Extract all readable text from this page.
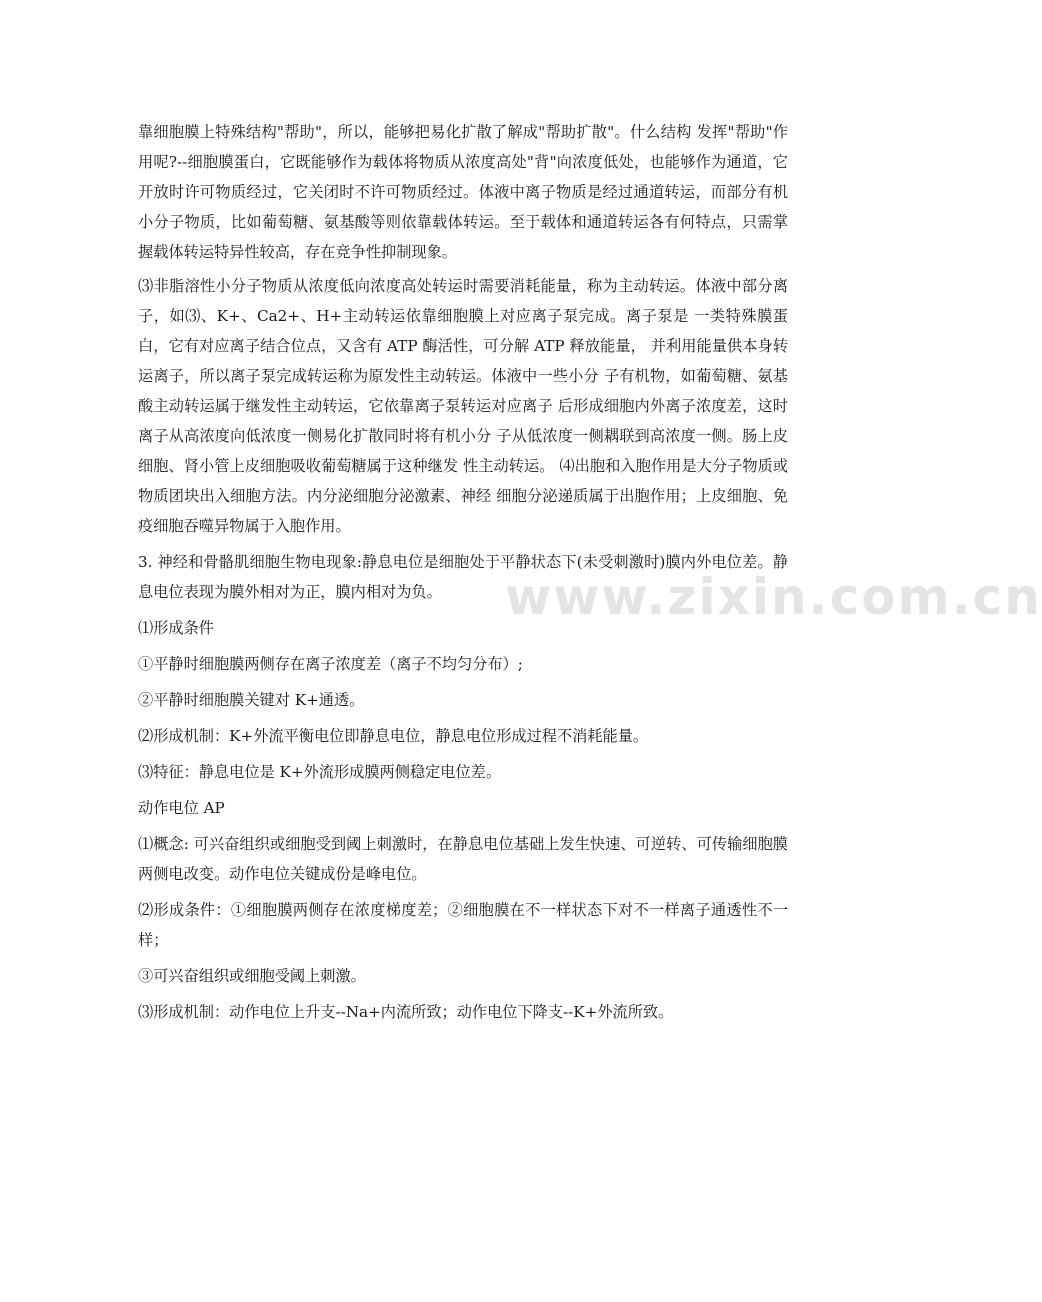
www.zixin.com.cn

靠细胞膜上特殊结构"帮助"，所以，能够把易化扩散了解成"帮助扩散"。什么结构 发挥"帮助"作用呢?--细胞膜蛋白，它既能够作为载体将物质从浓度高处"背"向浓度低处，也能够作为通道，它开放时许可物质经过，它关闭时不许可物质经过。体液中离子物质是经过通道转运，而部分有机小分子物质，比如葡萄糖、氨基酸等则依靠载体转运。至于载体和通道转运各有何特点，只需掌握载体转运特异性较高，存在竞争性抑制现象。

⑶非脂溶性小分子物质从浓度低向浓度高处转运时需要消耗能量，称为主动转运。体液中部分离子，如⑶、K+、Ca2+、H+主动转运依靠细胞膜上对应离子泵完成。离子泵是 一类特殊膜蛋白，它有对应离子结合位点，又含有 ATP 酶活性，可分解 ATP 释放能量， 并利用能量供本身转运离子，所以离子泵完成转运称为原发性主动转运。体液中一些小分 子有机物，如葡萄糖、氨基酸主动转运属于继发性主动转运，它依靠离子泵转运对应离子 后形成细胞内外离子浓度差，这时离子从高浓度向低浓度一侧易化扩散同时将有机小分 子从低浓度一侧耦联到高浓度一侧。肠上皮细胞、肾小管上皮细胞吸收葡萄糖属于这种继发 性主动转运。 ⑷出胞和入胞作用是大分子物质或物质团块出入细胞方法。内分泌细胞分泌激素、神经 细胞分泌递质属于出胞作用；上皮细胞、免疫细胞吞噬异物属于入胞作用。

3. 神经和骨骼肌细胞生物电现象:静息电位是细胞处于平静状态下(未受刺激时)膜内外电位差。静息电位表现为膜外相对为正，膜内相对为负。

⑴形成条件

①平静时细胞膜两侧存在离子浓度差（离子不均匀分布）;

②平静时细胞膜关键对 K+通透。

⑵形成机制：K+外流平衡电位即静息电位，静息电位形成过程不消耗能量。

⑶特征：静息电位是 K+外流形成膜两侧稳定电位差。

动作电位 AP

⑴概念: 可兴奋组织或细胞受到阈上刺激时，在静息电位基础上发生快速、可逆转、可传输细胞膜两侧电改变。动作电位关键成份是峰电位。

⑵形成条件：①细胞膜两侧存在浓度梯度差；②细胞膜在不一样状态下对不一样离子通透性不一样；

③可兴奋组织或细胞受阈上刺激。

⑶形成机制：动作电位上升支--Na+内流所致；动作电位下降支--K+外流所致。
